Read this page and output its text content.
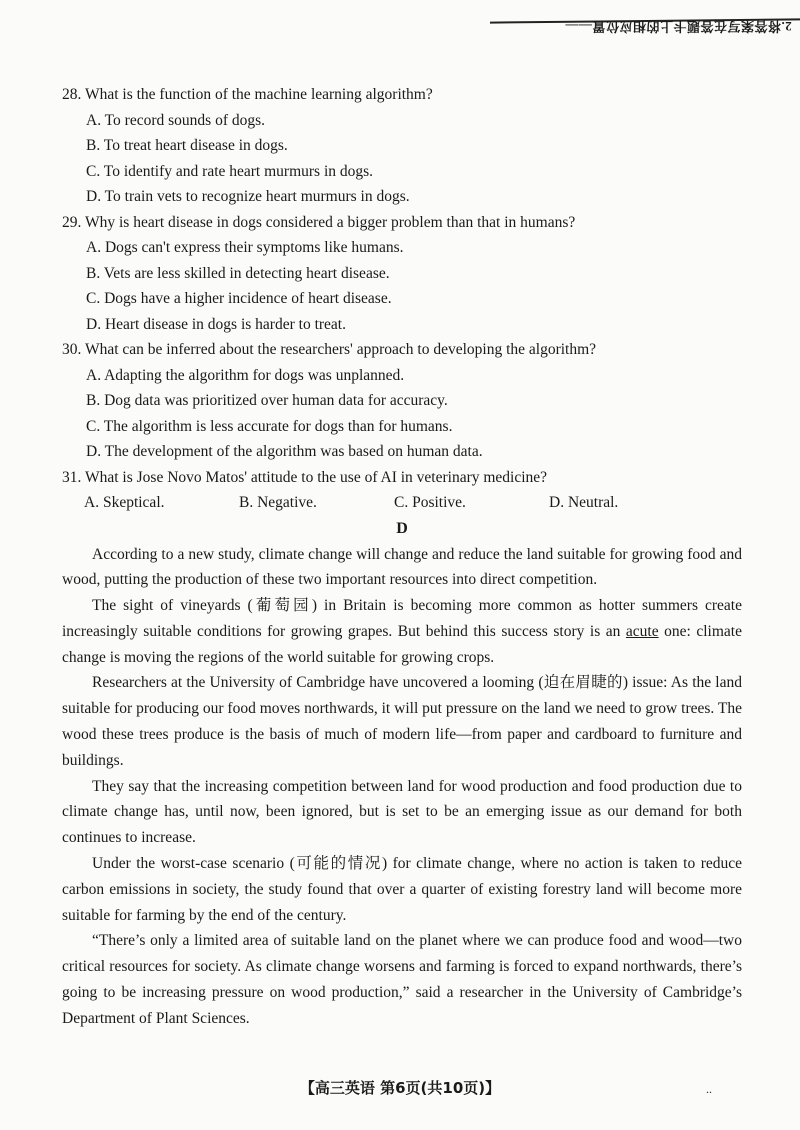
2.将答案写在答题卡上的相应位置——

28. What is the function of the machine learning algorithm?

A. To record sounds of dogs.

B. To treat heart disease in dogs.

C. To identify and rate heart murmurs in dogs.

D. To train vets to recognize heart murmurs in dogs.

29. Why is heart disease in dogs considered a bigger problem than that in humans?

A. Dogs can't express their symptoms like humans.

B. Vets are less skilled in detecting heart disease.

C. Dogs have a higher incidence of heart disease.

D. Heart disease in dogs is harder to treat.

30. What can be inferred about the researchers' approach to developing the algorithm?

A. Adapting the algorithm for dogs was unplanned.

B. Dog data was prioritized over human data for accuracy.

C. The algorithm is less accurate for dogs than for humans.

D. The development of the algorithm was based on human data.

31. What is Jose Novo Matos' attitude to the use of AI in veterinary medicine?

A. Skeptical.	B. Negative.	C. Positive.	D. Neutral.

D

According to a new study, climate change will change and reduce the land suitable for growing food and wood, putting the production of these two important resources into direct competition.

The sight of vineyards (葡萄园) in Britain is becoming more common as hotter summers create increasingly suitable conditions for growing grapes. But behind this success story is an acute one: climate change is moving the regions of the world suitable for growing crops.

Researchers at the University of Cambridge have uncovered a looming (迫在眉睫的) issue: As the land suitable for producing our food moves northwards, it will put pressure on the land we need to grow trees. The wood these trees produce is the basis of much of modern life—from paper and cardboard to furniture and buildings.

They say that the increasing competition between land for wood production and food production due to climate change has, until now, been ignored, but is set to be an emerging issue as our demand for both continues to increase.

Under the worst-case scenario (可能的情况) for climate change, where no action is taken to reduce carbon emissions in society, the study found that over a quarter of existing forestry land will become more suitable for farming by the end of the century.

“There’s only a limited area of suitable land on the planet where we can produce food and wood—two critical resources for society. As climate change worsens and farming is forced to expand northwards, there’s going to be increasing pressure on wood production,” said a researcher in the University of Cambridge’s Department of Plant Sciences.

【高三英语 第6页(共10页)】	..
